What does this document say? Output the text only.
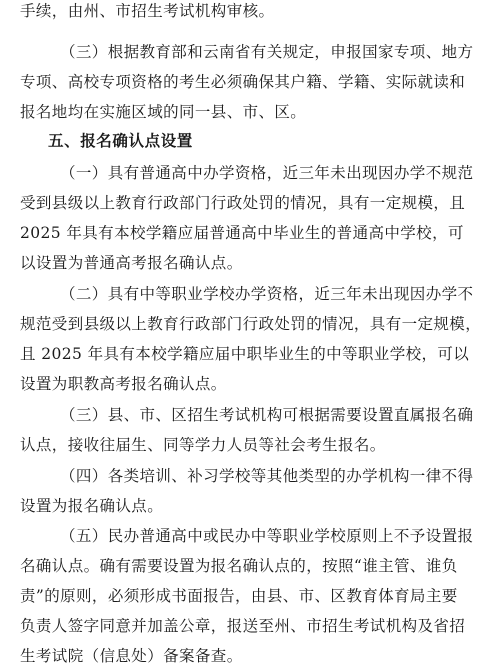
手续，由州、市招生考试机构审核。
（三）根据教育部和云南省有关规定，申报国家专项、地方
专项、高校专项资格的考生必须确保其户籍、学籍、实际就读和
报名地均在实施区域的同一县、市、区。
五、报名确认点设置
（一）具有普通高中办学资格，近三年未出现因办学不规范
受到县级以上教育行政部门行政处罚的情况，具有一定规模，且
2025 年具有本校学籍应届普通高中毕业生的普通高中学校，可
以设置为普通高考报名确认点。
（二）具有中等职业学校办学资格，近三年未出现因办学不
规范受到县级以上教育行政部门行政处罚的情况，具有一定规模，
且 2025 年具有本校学籍应届中职毕业生的中等职业学校，可以
设置为职教高考报名确认点。
（三）县、市、区招生考试机构可根据需要设置直属报名确
认点，接收往届生、同等学力人员等社会考生报名。
（四）各类培训、补习学校等其他类型的办学机构一律不得
设置为报名确认点。
（五）民办普通高中或民办中等职业学校原则上不予设置报
名确认点。确有需要设置为报名确认点的，按照“谁主管、谁负
责”的原则，必须形成书面报告，由县、市、区教育体育局主要
负责人签字同意并加盖公章，报送至州、市招生考试机构及省招
生考试院（信息处）备案备查。
